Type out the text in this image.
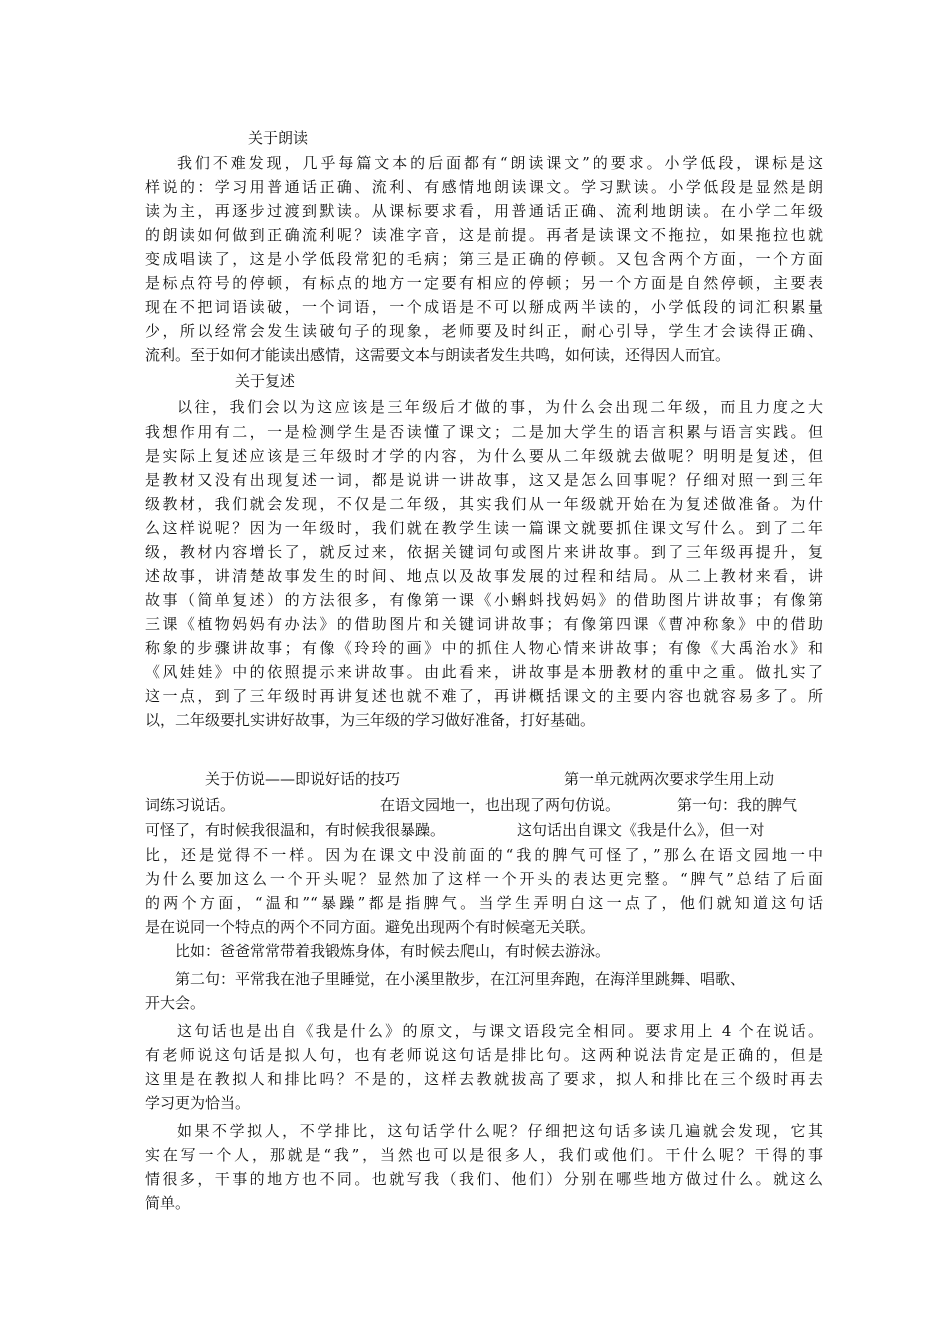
关于朗读
我们不难发现，几乎每篇文本的后面都有“朗读课文”的要求。小学低段，课标是这
样说的：学习用普通话正确、流利、有感情地朗读课文。学习默读。小学低段是显然是朗
读为主，再逐步过渡到默读。从课标要求看，用普通话正确、流利地朗读。在小学二年级
的朗读如何做到正确流利呢？读准字音，这是前提。再者是读课文不拖拉，如果拖拉也就
变成唱读了，这是小学低段常犯的毛病；第三是正确的停顿。又包含两个方面，一个方面
是标点符号的停顿，有标点的地方一定要有相应的停顿；另一个方面是自然停顿，主要表
现在不把词语读破，一个词语，一个成语是不可以掰成两半读的，小学低段的词汇积累量
少，所以经常会发生读破句子的现象，老师要及时纠正，耐心引导，学生才会读得正确、
流利。至于如何才能读出感情，这需要文本与朗读者发生共鸣，如何读，还得因人而宜。
关于复述
以往，我们会以为这应该是三年级后才做的事，为什么会出现二年级，而且力度之大
我想作用有二，一是检测学生是否读懂了课文；二是加大学生的语言积累与语言实践。但
是实际上复述应该是三年级时才学的内容，为什么要从二年级就去做呢？明明是复述，但
是教材又没有出现复述一词，都是说讲一讲故事，这又是怎么回事呢？仔细对照一到三年
级教材，我们就会发现，不仅是二年级，其实我们从一年级就开始在为复述做准备。为什
么这样说呢？因为一年级时，我们就在教学生读一篇课文就要抓住课文写什么。到了二年
级，教材内容增长了，就反过来，依据关键词句或图片来讲故事。到了三年级再提升，复
述故事，讲清楚故事发生的时间、地点以及故事发展的过程和结局。从二上教材来看，讲
故事（简单复述）的方法很多，有像第一课《小蝌蚪找妈妈》的借助图片讲故事；有像第
三课《植物妈妈有办法》的借助图片和关键词讲故事；有像第四课《曹冲称象》中的借助
称象的步骤讲故事；有像《玲玲的画》中的抓住人物心情来讲故事；有像《大禹治水》和
《风娃娃》中的依照提示来讲故事。由此看来，讲故事是本册教材的重中之重。做扎实了
这一点，到了三年级时再讲复述也就不难了，再讲概括课文的主要内容也就容易多了。所
以，二年级要扎实讲好故事，为三年级的学习做好准备，打好基础。
关于仿说——即说好话的技巧	第一单元就两次要求学生用上动
词练习说话。	在语文园地一，也出现了两句仿说。	第一句：我的脾气
可怪了，有时候我很温和，有时候我很暴躁。	这句话出自课文《我是什么》，但一对
比，还是觉得不一样。因为在课文中没前面的“我的脾气可怪了，”那么在语文园地一中
为什么要加这么一个开头呢？显然加了这样一个开头的表达更完整。“脾气”总结了后面
的两个方面，“温和”“暴躁”都是指脾气。当学生弄明白这一点了，他们就知道这句话
是在说同一个特点的两个不同方面。避免出现两个有时候毫无关联。
比如：爸爸常常带着我锻炼身体，有时候去爬山，有时候去游泳。
第二句：平常我在池子里睡觉，在小溪里散步，在江河里奔跑，在海洋里跳舞、唱歌、
开大会。
这句话也是出自《我是什么》的原文，与课文语段完全相同。要求用上 4 个在说话。
有老师说这句话是拟人句，也有老师说这句话是排比句。这两种说法肯定是正确的，但是
这里是在教拟人和排比吗？不是的，这样去教就拔高了要求，拟人和排比在三个级时再去
学习更为恰当。
如果不学拟人，不学排比，这句话学什么呢？仔细把这句话多读几遍就会发现，它其
实在写一个人，那就是“我”，当然也可以是很多人，我们或他们。干什么呢？干得的事
情很多，干事的地方也不同。也就写我（我们、他们）分别在哪些地方做过什么。就这么
简单。
